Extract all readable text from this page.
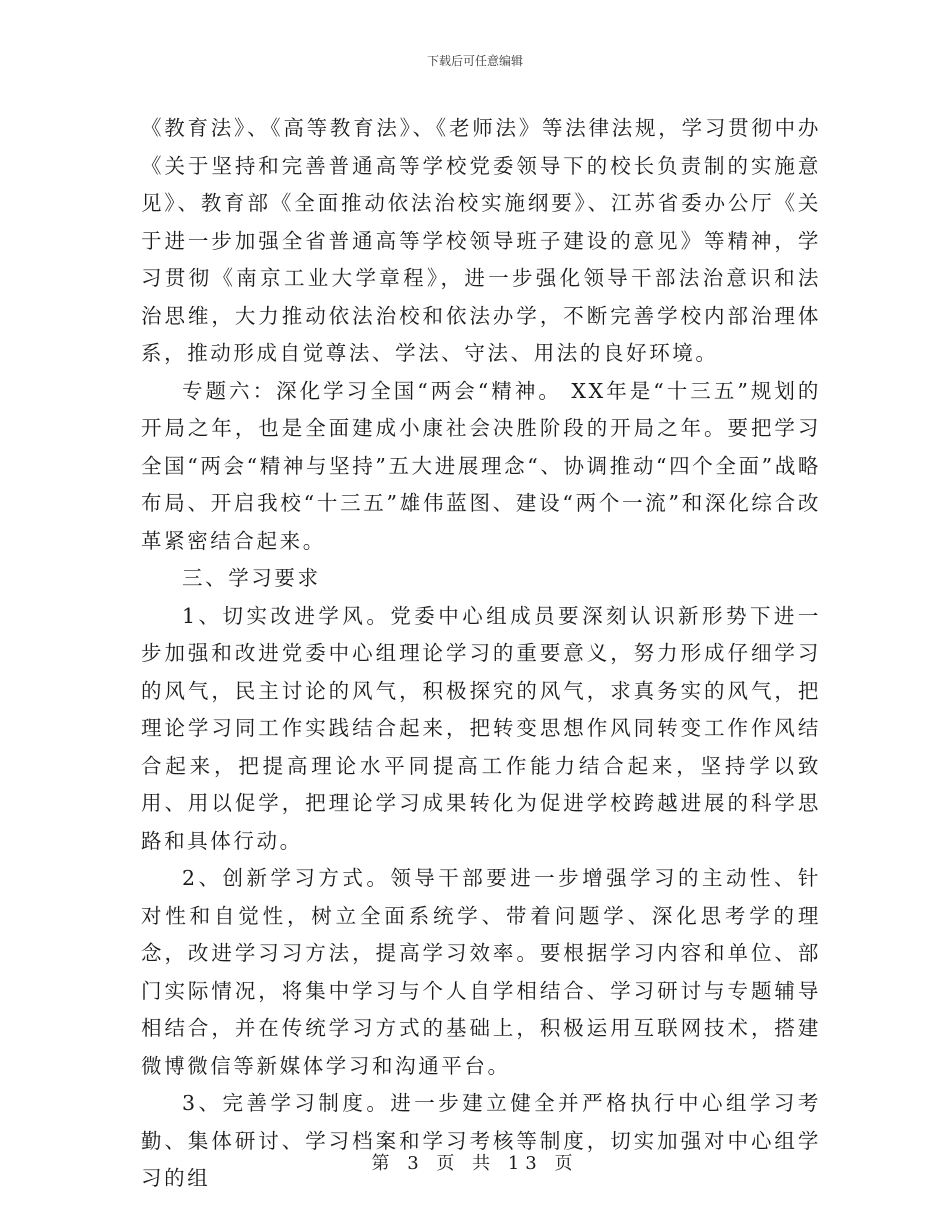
下载后可任意编辑

《教育法》、《高等教育法》、《老师法》等法律法规，学习贯彻中办《关于坚持和完善普通高等学校党委领导下的校长负责制的实施意见》、教育部《全面推动依法治校实施纲要》、江苏省委办公厅《关于进一步加强全省普通高等学校领导班子建设的意见》等精神，学习贯彻《南京工业大学章程》，进一步强化领导干部法治意识和法治思维，大力推动依法治校和依法办学，不断完善学校内部治理体系，推动形成自觉尊法、学法、守法、用法的良好环境。

专题六：深化学习全国“两会“精神。 XX年是“十三五”规划的开局之年，也是全面建成小康社会决胜阶段的开局之年。要把学习全国“两会“精神与坚持”五大进展理念“、协调推动“四个全面”战略布局、开启我校“十三五”雄伟蓝图、建设“两个一流”和深化综合改革紧密结合起来。

三、学习要求

1、切实改进学风。党委中心组成员要深刻认识新形势下进一步加强和改进党委中心组理论学习的重要意义，努力形成仔细学习的风气，民主讨论的风气，积极探究的风气，求真务实的风气，把理论学习同工作实践结合起来，把转变思想作风同转变工作作风结合起来，把提高理论水平同提高工作能力结合起来，坚持学以致用、用以促学，把理论学习成果转化为促进学校跨越进展的科学思路和具体行动。

2、创新学习方式。领导干部要进一步增强学习的主动性、针对性和自觉性，树立全面系统学、带着问题学、深化思考学的理念，改进学习习方法，提高学习效率。要根据学习内容和单位、部门实际情况，将集中学习与个人自学相结合、学习研讨与专题辅导相结合，并在传统学习方式的基础上，积极运用互联网技术，搭建微博微信等新媒体学习和沟通平台。

3、完善学习制度。进一步建立健全并严格执行中心组学习考勤、集体研讨、学习档案和学习考核等制度，切实加强对中心组学习的组

第 3 页 共 13 页
